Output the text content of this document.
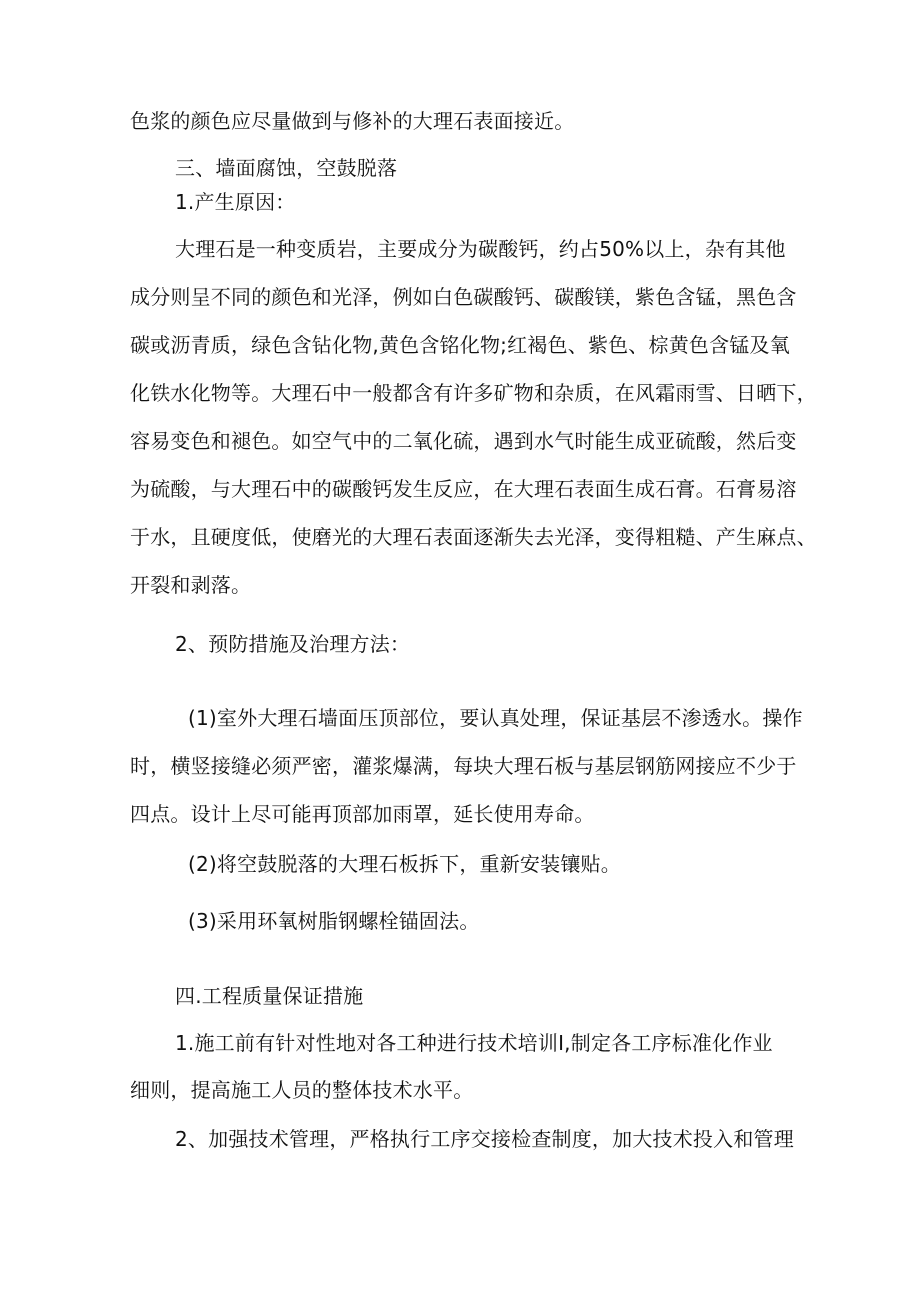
色浆的颜色应尽量做到与修补的大理石表面接近。
三、墙面腐蚀，空鼓脱落
1.产生原因：
大理石是一种变质岩，主要成分为碳酸钙，约占50%以上，杂有其他
成分则呈不同的颜色和光泽，例如白色碳酸钙、碳酸镁，紫色含锰，黑色含
碳或沥青质，绿色含钻化物,黄色含铭化物;红褐色、紫色、棕黄色含锰及氧
化铁水化物等。大理石中一般都含有许多矿物和杂质，在风霜雨雪、日晒下，
容易变色和褪色。如空气中的二氧化硫，遇到水气时能生成亚硫酸，然后变
为硫酸，与大理石中的碳酸钙发生反应，在大理石表面生成石膏。石膏易溶
于水，且硬度低，使磨光的大理石表面逐渐失去光泽，变得粗糙、产生麻点、
开裂和剥落。
2、预防措施及治理方法：
(1)室外大理石墙面压顶部位，要认真处理，保证基层不渗透水。操作
时，横竖接缝必须严密，灌浆爆满，每块大理石板与基层钢筋网接应不少于
四点。设计上尽可能再顶部加雨罩，延长使用寿命。
(2)将空鼓脱落的大理石板拆下，重新安装镶贴。
(3)采用环氧树脂钢螺栓锚固法。
四.工程质量保证措施
1.施工前有针对性地对各工种进行技术培训Ⅰ,制定各工序标准化作业
细则，提高施工人员的整体技术水平。
2、加强技术管理，严格执行工序交接检查制度，加大技术投入和管理
